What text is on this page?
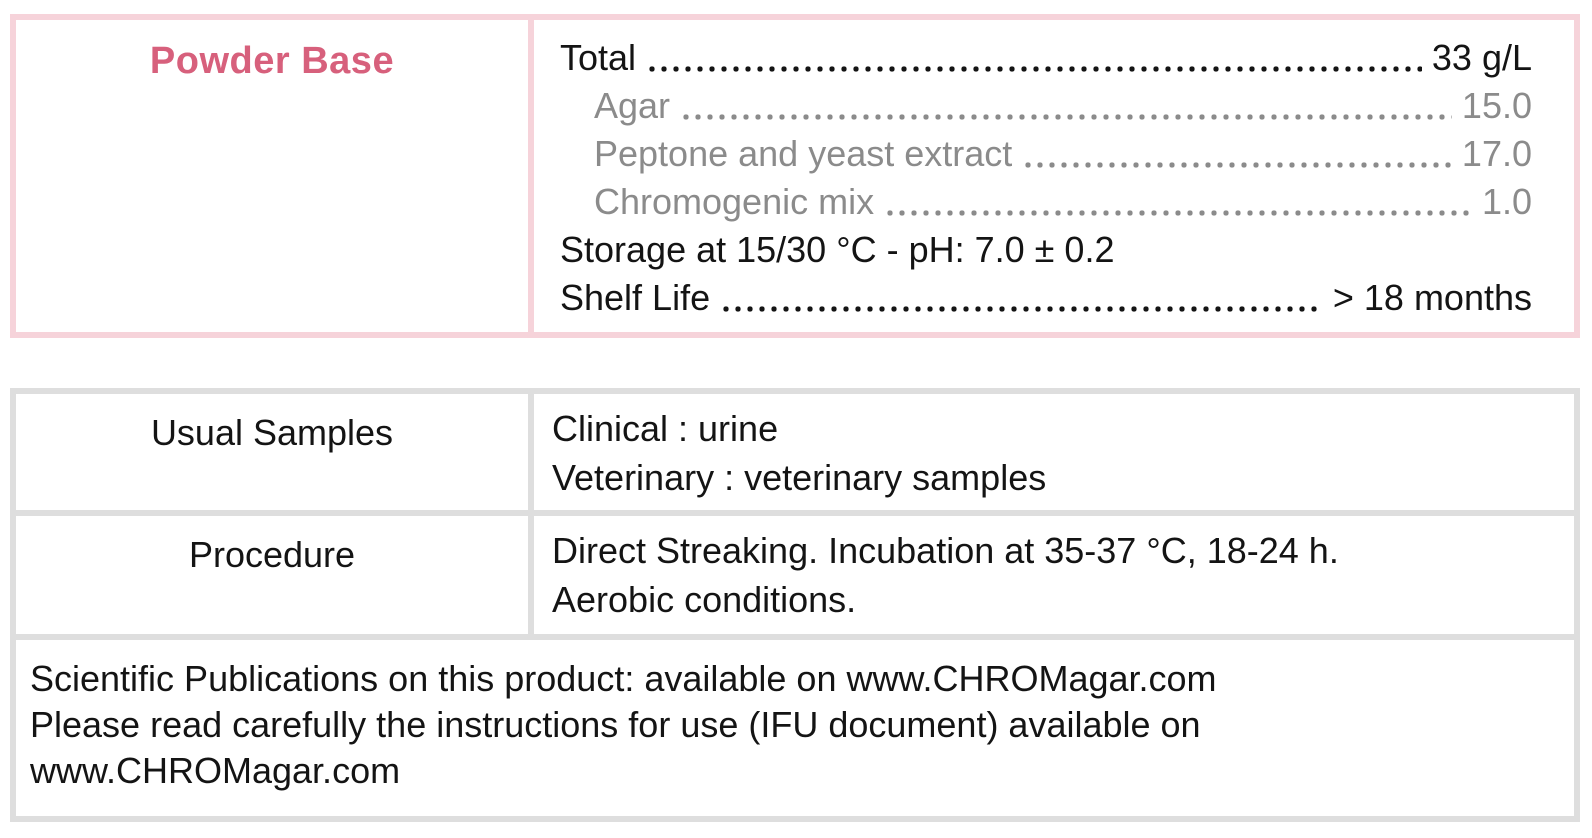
Powder Base	Total	33 g/L
Agar	15.0
Peptone and yeast extract	17.0
Chromogenic mix	1.0
Storage at 15/30 °C - pH: 7.0 ± 0.2
Shelf Life	> 18 months
Usual Samples	Clinical : urine
Veterinary : veterinary samples
Procedure	Direct Streaking. Incubation at 35-37 °C, 18-24 h.
Aerobic conditions.
Scientific Publications on this product: available on www.CHROMagar.com
Please read carefully the instructions for use (IFU document) available on
www.CHROMagar.com
